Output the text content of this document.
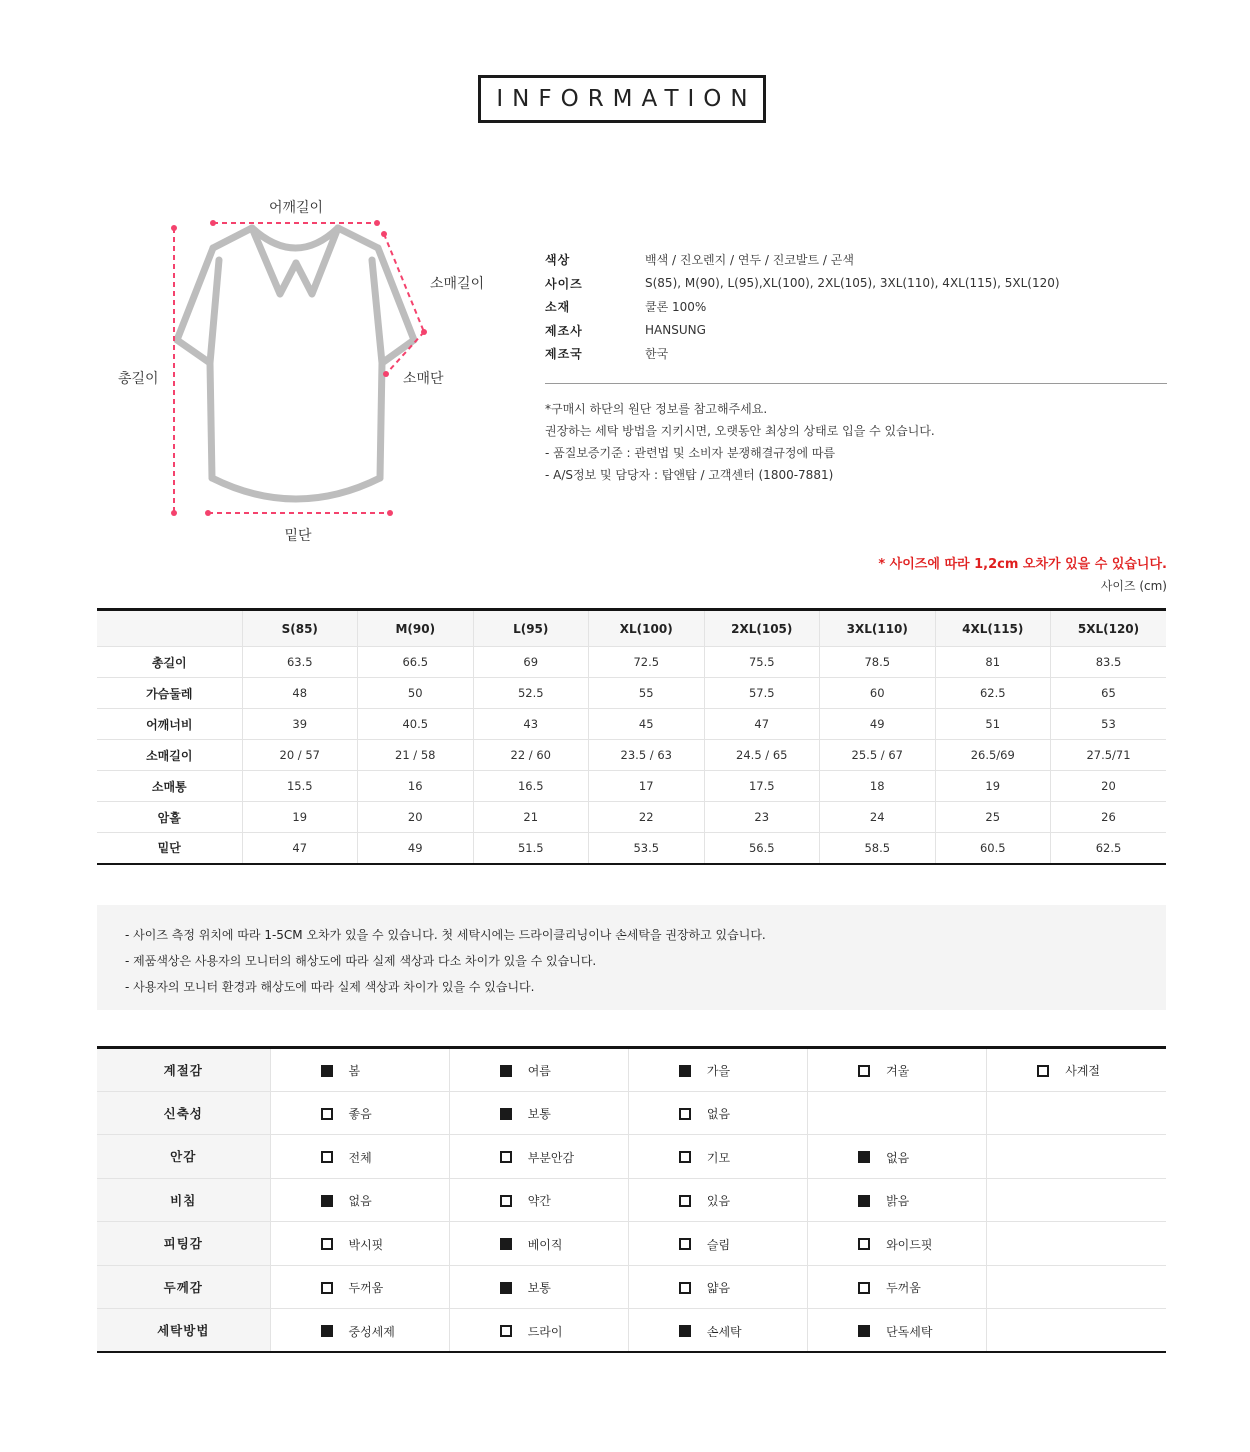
INFORMATION
어깨길이
소매길이
소매단
총길이
밑단
색상	백색 / 진오렌지 / 연두 / 진코발트 / 곤색
사이즈	S(85), M(90), L(95),XL(100), 2XL(105), 3XL(110), 4XL(115), 5XL(120)
소재	쿨론 100%
제조사	HANSUNG
제조국	한국
*구매시 하단의 원단 정보를 참고해주세요.
권장하는 세탁 방법을 지키시면, 오랫동안 최상의 상태로 입을 수 있습니다.
- 품질보증기준 : 관련법 및 소비자 분쟁해결규정에 따름
- A/S정보 및 담당자 : 탑앤탑 / 고객센터 (1800-7881)
* 사이즈에 따라 1,2cm 오차가 있을 수 있습니다.
사이즈 (cm)
	S(85)	M(90)	L(95)	XL(100)	2XL(105)	3XL(110)	4XL(115)	5XL(120)
총길이	63.5	66.5	69	72.5	75.5	78.5	81	83.5
가슴둘레	48	50	52.5	55	57.5	60	62.5	65
어깨너비	39	40.5	43	45	47	49	51	53
소매길이	20 / 57	21 / 58	22 / 60	23.5 / 63	24.5 / 65	25.5 / 67	26.5/69	27.5/71
소매통	15.5	16	16.5	17	17.5	18	19	20
암홀	19	20	21	22	23	24	25	26
밑단	47	49	51.5	53.5	56.5	58.5	60.5	62.5
- 사이즈 측정 위치에 따라 1-5CM 오차가 있을 수 있습니다. 첫 세탁시에는 드라이클리닝이나 손세탁을 권장하고 있습니다.
- 제품색상은 사용자의 모니터의 해상도에 따라 실제 색상과 다소 차이가 있을 수 있습니다.
- 사용자의 모니터 환경과 해상도에 따라 실제 색상과 차이가 있을 수 있습니다.
계절감	봄	여름	가을	겨울	사계절
신축성	좋음	보통	없음		
안감	전체	부분안감	기모	없음	
비침	없음	약간	있음	밝음	
피팅감	박시핏	베이직	슬림	와이드핏	
두께감	두꺼움	보통	얇음	두꺼움	
세탁방법	중성세제	드라이	손세탁	단독세탁	
